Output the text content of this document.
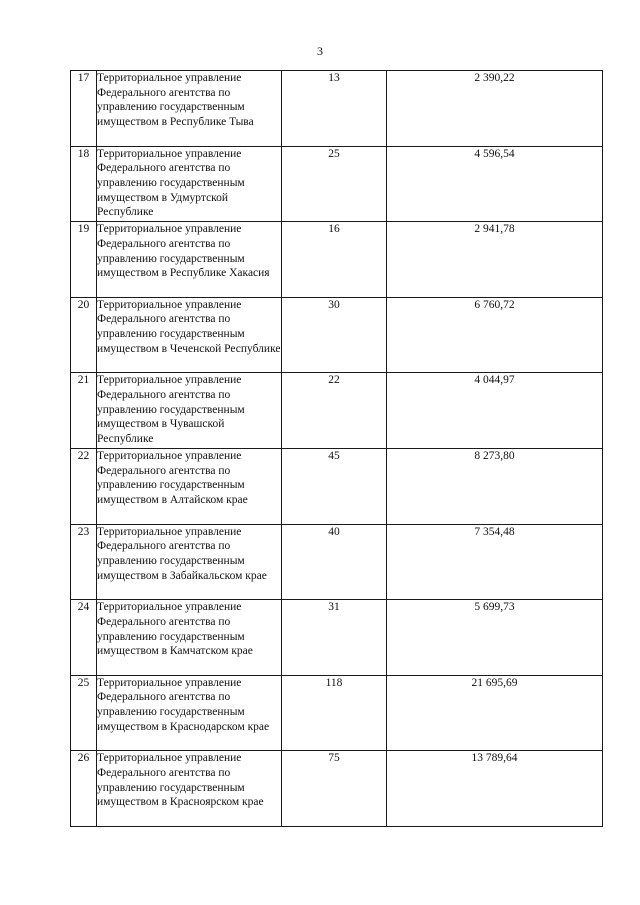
3
17	Территориальное управление Федерального агентства по управлению государственным имуществом в Республике Тыва	13	2 390,22
18	Территориальное управление Федерального агентства по управлению государственным имуществом в Удмуртской Республике	25	4 596,54
19	Территориальное управление Федерального агентства по управлению государственным имуществом в Республике Хакасия	16	2 941,78
20	Территориальное управление Федерального агентства по управлению государственным имуществом в Чеченской Республике	30	6 760,72
21	Территориальное управление Федерального агентства по управлению государственным имуществом в Чувашской Республике	22	4 044,97
22	Территориальное управление Федерального агентства по управлению государственным имуществом в Алтайском крае	45	8 273,80
23	Территориальное управление Федерального агентства по управлению государственным имуществом в Забайкальском крае	40	7 354,48
24	Территориальное управление Федерального агентства по управлению государственным имуществом в Камчатском крае	31	5 699,73
25	Территориальное управление Федерального агентства по управлению государственным имуществом в Краснодарском крае	118	21 695,69
26	Территориальное управление Федерального агентства по управлению государственным имуществом в Красноярском крае	75	13 789,64
